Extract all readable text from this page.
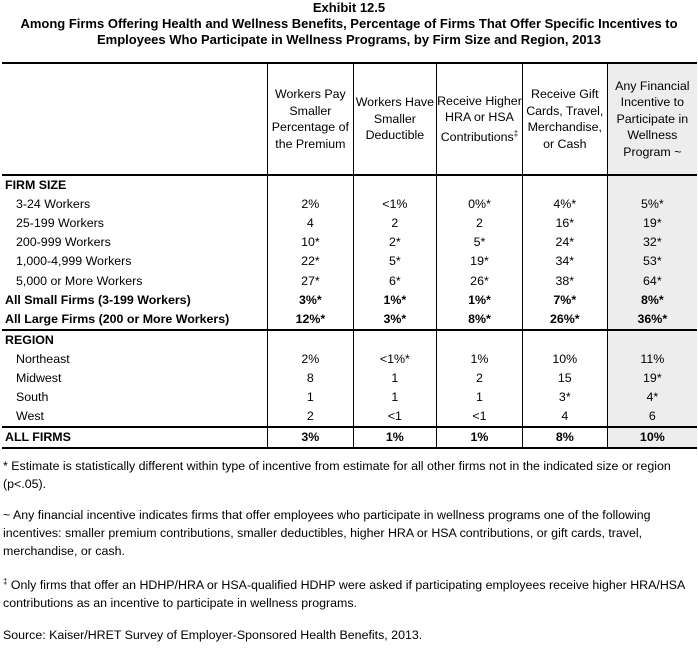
Exhibit 12.5
Among Firms Offering Health and Wellness Benefits, Percentage of Firms That Offer Specific Incentives to
Employees Who Participate in Wellness Programs, by Firm Size and Region, 2013
	Workers Pay Smaller Percentage of the Premium	Workers Have Smaller Deductible	Receive Higher HRA or HSA Contributions‡	Receive Gift Cards, Travel, Merchandise, or Cash	Any Financial Incentive to Participate in Wellness Program ~
FIRM SIZE					
3-24 Workers	2%	<1%	0%*	4%*	5%*
25-199 Workers	4	2	2	16*	19*
200-999 Workers	10*	2*	5*	24*	32*
1,000-4,999 Workers	22*	5*	19*	34*	53*
5,000 or More Workers	27*	6*	26*	38*	64*
All Small Firms (3-199 Workers)	3%*	1%*	1%*	7%*	8%*
All Large Firms (200 or More Workers)	12%*	3%*	8%*	26%*	36%*
REGION					
Northeast	2%	<1%*	1%	10%	11%
Midwest	8	1	2	15	19*
South	1	1	1	3*	4*
West	2	<1	<1	4	6
ALL FIRMS	3%	1%	1%	8%	10%

* Estimate is statistically different within type of incentive from estimate for all other firms not in the indicated size or region (p<.05).

~ Any financial incentive indicates firms that offer employees who participate in wellness programs one of the following incentives: smaller premium contributions, smaller deductibles, higher HRA or HSA contributions, or gift cards, travel, merchandise, or cash.

‡ Only firms that offer an HDHP/HRA or HSA-qualified HDHP were asked if participating employees receive higher HRA/HSA contributions as an incentive to participate in wellness programs.

Source: Kaiser/HRET Survey of Employer-Sponsored Health Benefits, 2013.
